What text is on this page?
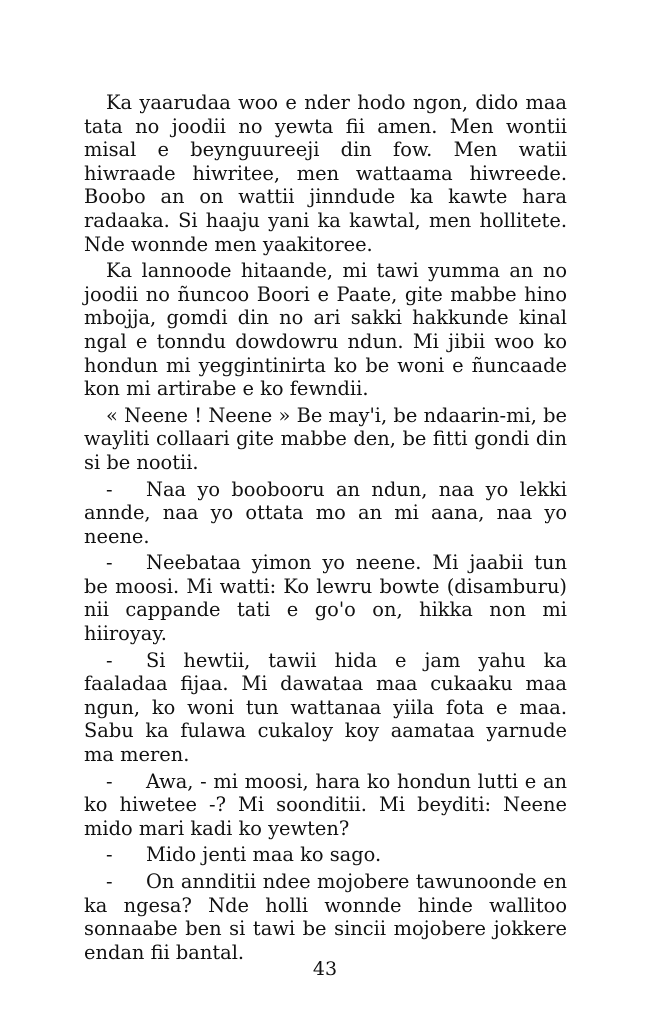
Ka yaarudaa woo e nder hodo ngon, dido maa tata no joodii no yewta fii amen. Men wontii misal e beynguureeji din fow. Men watii hiwraade hiwritee, men wattaama hiwreede. Boobo an on wattii jinndude ka kawte hara radaaka. Si haaju yani ka kawtal, men hollitete. Nde wonnde men yaakitoree.

Ka lannoode hitaande, mi tawi yumma an no joodii no ñuncoo Boori e Paate, gite mabbe hino mbojja, gomdi din no ari sakki hakkunde kinal ngal e tonndu dowdowru ndun. Mi jibii woo ko hondun mi yeggintinirta ko be woni e ñuncaade kon mi artirabe e ko fewndii.

« Neene ! Neene » Be may'i, be ndaarin-mi, be wayliti collaari gite mabbe den, be fitti gondi din si be nootii.

- Naa yo boobooru an ndun, naa yo lekki annde, naa yo ottata mo an mi aana, naa yo neene.

- Neebataa yimon yo neene. Mi jaabii tun be moosi. Mi watti: Ko lewru bowte (disamburu) nii cappande tati e go'o on, hikka non mi hiiroyay.

- Si hewtii, tawii hida e jam yahu ka faaladaa fijaa. Mi dawataa maa cukaaku maa ngun, ko woni tun wattanaa yiila fota e maa. Sabu ka fulawa cukaloy koy aamataa yarnude ma meren.

- Awa, - mi moosi, hara ko hondun lutti e an ko hiwetee -? Mi soonditii. Mi beyditi: Neene mido mari kadi ko yewten?

- Mido jenti maa ko sago.

- On annditii ndee mojobere tawunoonde en ka ngesa? Nde holli wonnde hinde wallitoo sonnaabe ben si tawi be sincii mojobere jokkere endan fii bantal.

43
